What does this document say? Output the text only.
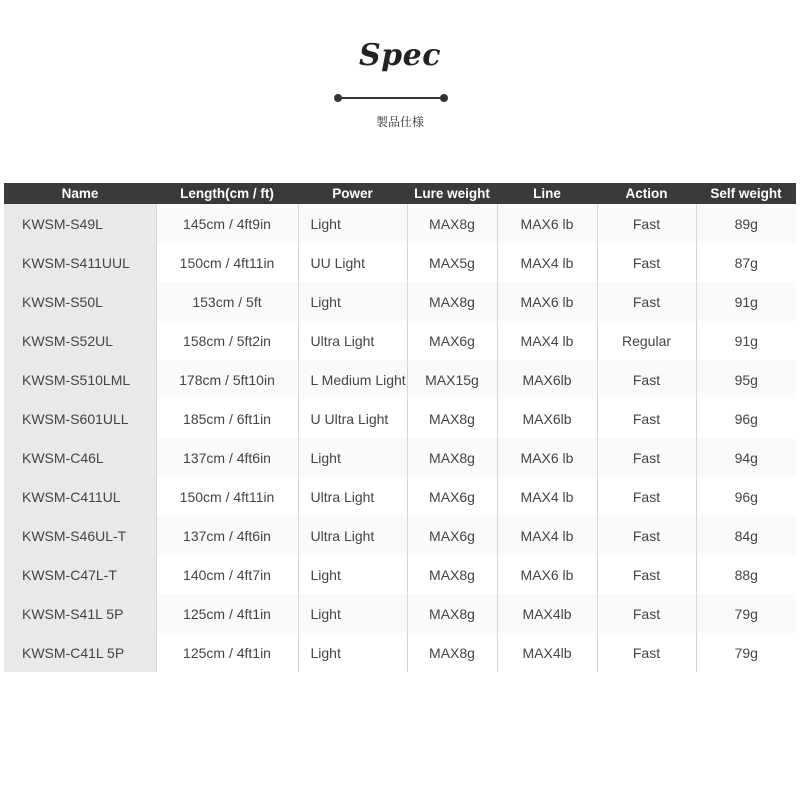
Spec
製品仕様
Name	Length(cm / ft)	Power	Lure weight	Line	Action	Self weight
KWSM-S49L	145cm / 4ft9in	Light	MAX8g	MAX6 lb	Fast	89g
KWSM-S411UUL	150cm / 4ft11in	UU Light	MAX5g	MAX4 lb	Fast	87g
KWSM-S50L	153cm / 5ft	Light	MAX8g	MAX6 lb	Fast	91g
KWSM-S52UL	158cm / 5ft2in	Ultra Light	MAX6g	MAX4 lb	Regular	91g
KWSM-S510LML	178cm / 5ft10in	L Medium Light	MAX15g	MAX6lb	Fast	95g
KWSM-S601ULL	185cm / 6ft1in	U Ultra Light	MAX8g	MAX6lb	Fast	96g
KWSM-C46L	137cm / 4ft6in	Light	MAX8g	MAX6 lb	Fast	94g
KWSM-C411UL	150cm / 4ft11in	Ultra Light	MAX6g	MAX4 lb	Fast	96g
KWSM-S46UL-T	137cm / 4ft6in	Ultra Light	MAX6g	MAX4 lb	Fast	84g
KWSM-C47L-T	140cm / 4ft7in	Light	MAX8g	MAX6 lb	Fast	88g
KWSM-S41L 5P	125cm / 4ft1in	Light	MAX8g	MAX4lb	Fast	79g
KWSM-C41L 5P	125cm / 4ft1in	Light	MAX8g	MAX4lb	Fast	79g
